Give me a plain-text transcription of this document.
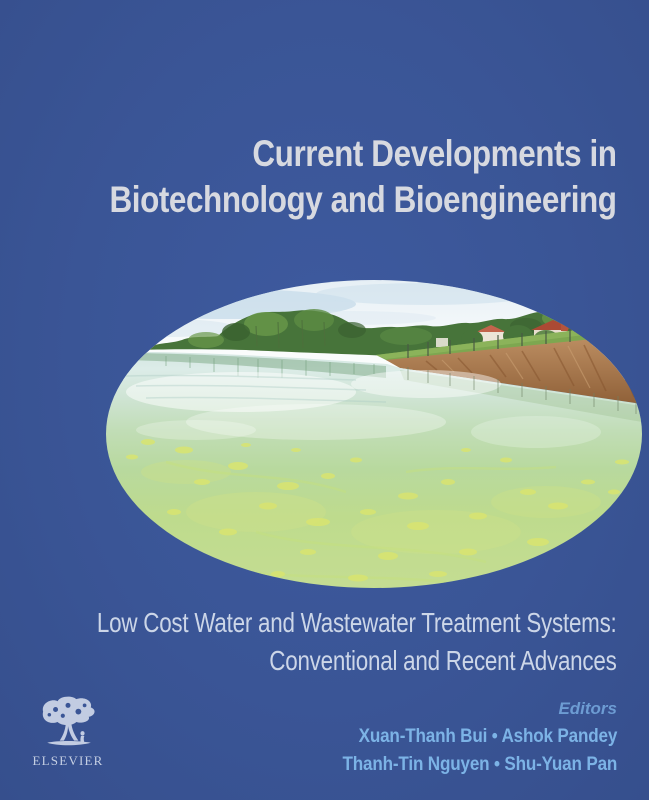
Current Developments in
Biotechnology and Bioengineering
Low Cost Water and Wastewater Treatment Systems:
Conventional and Recent Advances
ELSEVIER
Editors
Xuan-Thanh Bui • Ashok Pandey
Thanh-Tin Nguyen • Shu-Yuan Pan
